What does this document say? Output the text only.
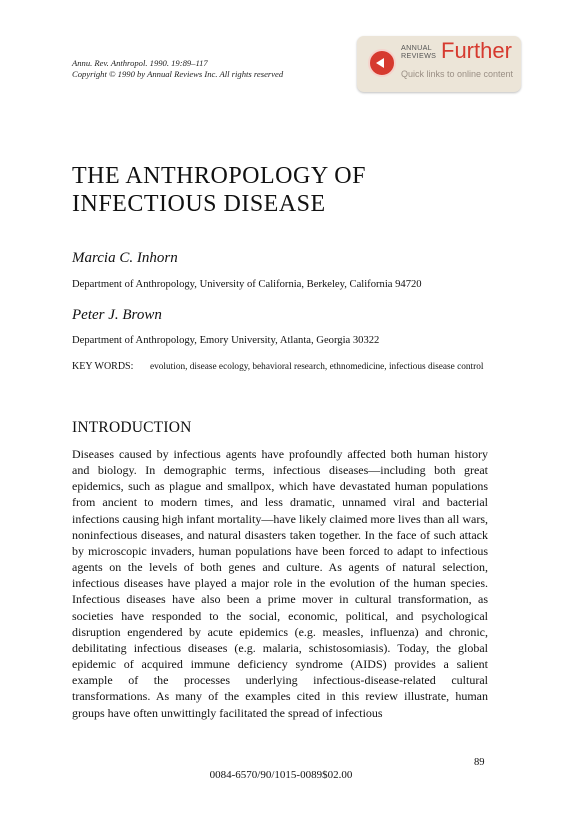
Annu. Rev. Anthropol. 1990. 19:89–117
Copyright © 1990 by Annual Reviews Inc. All rights reserved
ANNUAL
REVIEWS Further
Quick links to online content
THE ANTHROPOLOGY OF
INFECTIOUS DISEASE
Marcia C. Inhorn
Department of Anthropology, University of California, Berkeley, California 94720
Peter J. Brown
Department of Anthropology, Emory University, Atlanta, Georgia 30322
KEY WORDS: evolution, disease ecology, behavioral research, ethnomedicine, infectious disease control
INTRODUCTION
Diseases caused by infectious agents have profoundly affected both human history and biology. In demographic terms, infectious diseases—including both great epidemics, such as plague and smallpox, which have devastated human populations from ancient to modern times, and less dramatic, unnamed viral and bacterial infections causing high infant mortality—have likely claimed more lives than all wars, noninfectious diseases, and natural disasters taken together. In the face of such attack by microscopic invaders, human populations have been forced to adapt to infectious agents on the levels of both genes and culture. As agents of natural selection, infectious diseases have played a major role in the evolution of the human species. Infectious diseases have also been a prime mover in cultural transformation, as societies have responded to the social, economic, political, and psychological disruption engendered by acute epidemics (e.g. measles, influenza) and chronic, debilitating infectious diseases (e.g. malaria, schistosomiasis). Today, the global epidemic of acquired immune deficiency syndrome (AIDS) provides a salient example of the processes underlying infectious-disease-related cultural transformations. As many of the examples cited in this review illustrate, human groups have often unwittingly facilitated the spread of infectious
89
0084-6570/90/1015-0089$02.00
